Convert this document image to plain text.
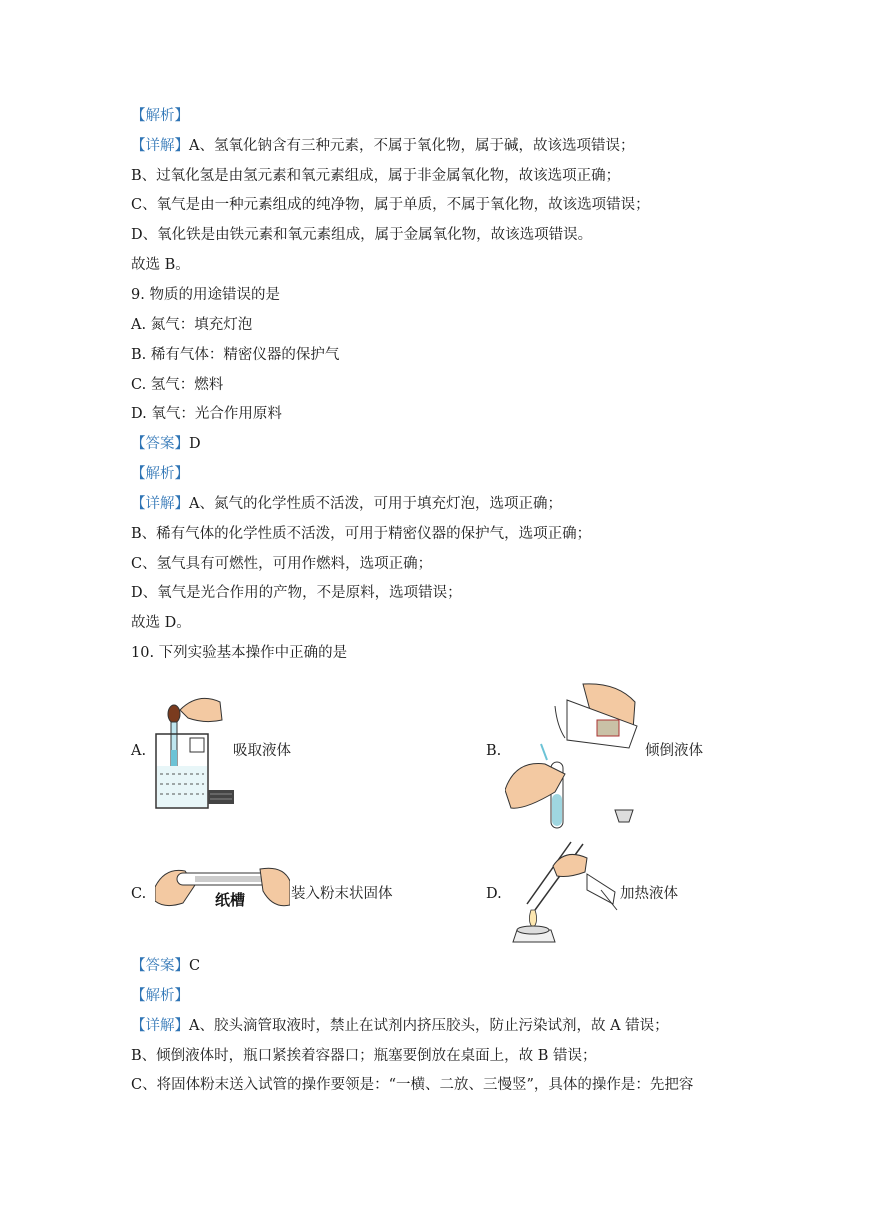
【解析】
【详解】A、氢氧化钠含有三种元素，不属于氧化物，属于碱，故该选项错误；
B、过氧化氢是由氢元素和氧元素组成，属于非金属氧化物，故该选项正确；
C、氧气是由一种元素组成的纯净物，属于单质，不属于氧化物，故该选项错误；
D、氧化铁是由铁元素和氧元素组成，属于金属氧化物，故该选项错误。
故选 B。
9. 物质的用途错误的是
A. 氮气：填充灯泡
B. 稀有气体：精密仪器的保护气
C. 氢气：燃料
D. 氧气：光合作用原料
【答案】D
【解析】
【详解】A、氮气的化学性质不活泼，可用于填充灯泡，选项正确；
B、稀有气体的化学性质不活泼，可用于精密仪器的保护气，选项正确；
C、氢气具有可燃性，可用作燃料，选项正确；
D、氧气是光合作用的产物，不是原料，选项错误；
故选 D。
10. 下列实验基本操作中正确的是
A.	吸取液体	B.	倾倒液体
C.	纸槽	装入粉末状固体	D.	加热液体
【答案】C
【解析】
【详解】A、胶头滴管取液时，禁止在试剂内挤压胶头，防止污染试剂，故 A 错误；
B、倾倒液体时，瓶口紧挨着容器口；瓶塞要倒放在桌面上，故 B 错误；
C、将固体粉末送入试管的操作要领是：“一横、二放、三慢竖”，具体的操作是：先把容
